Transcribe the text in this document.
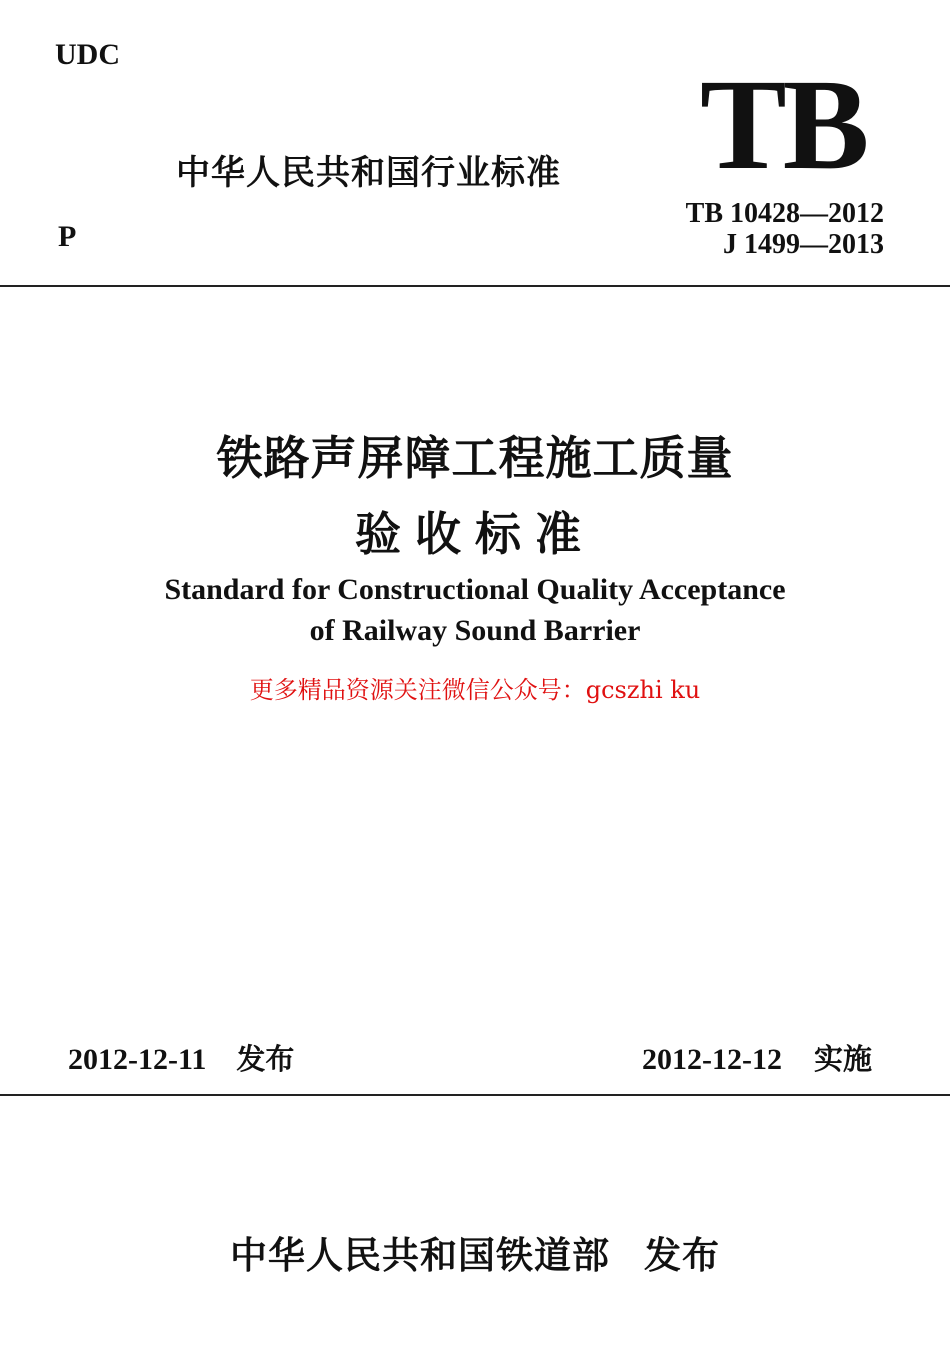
UDC
中华人民共和国行业标准 TB
P
TB 10428—2012
J 1499—2013
铁路声屏障工程施工质量
验收标准
Standard for Constructional Quality Acceptance
of Railway Sound Barrier
更多精品资源关注微信公众号：gcszhi ku
2012-12-11 发布	2012-12-12 实施
中华人民共和国铁道部 发布
